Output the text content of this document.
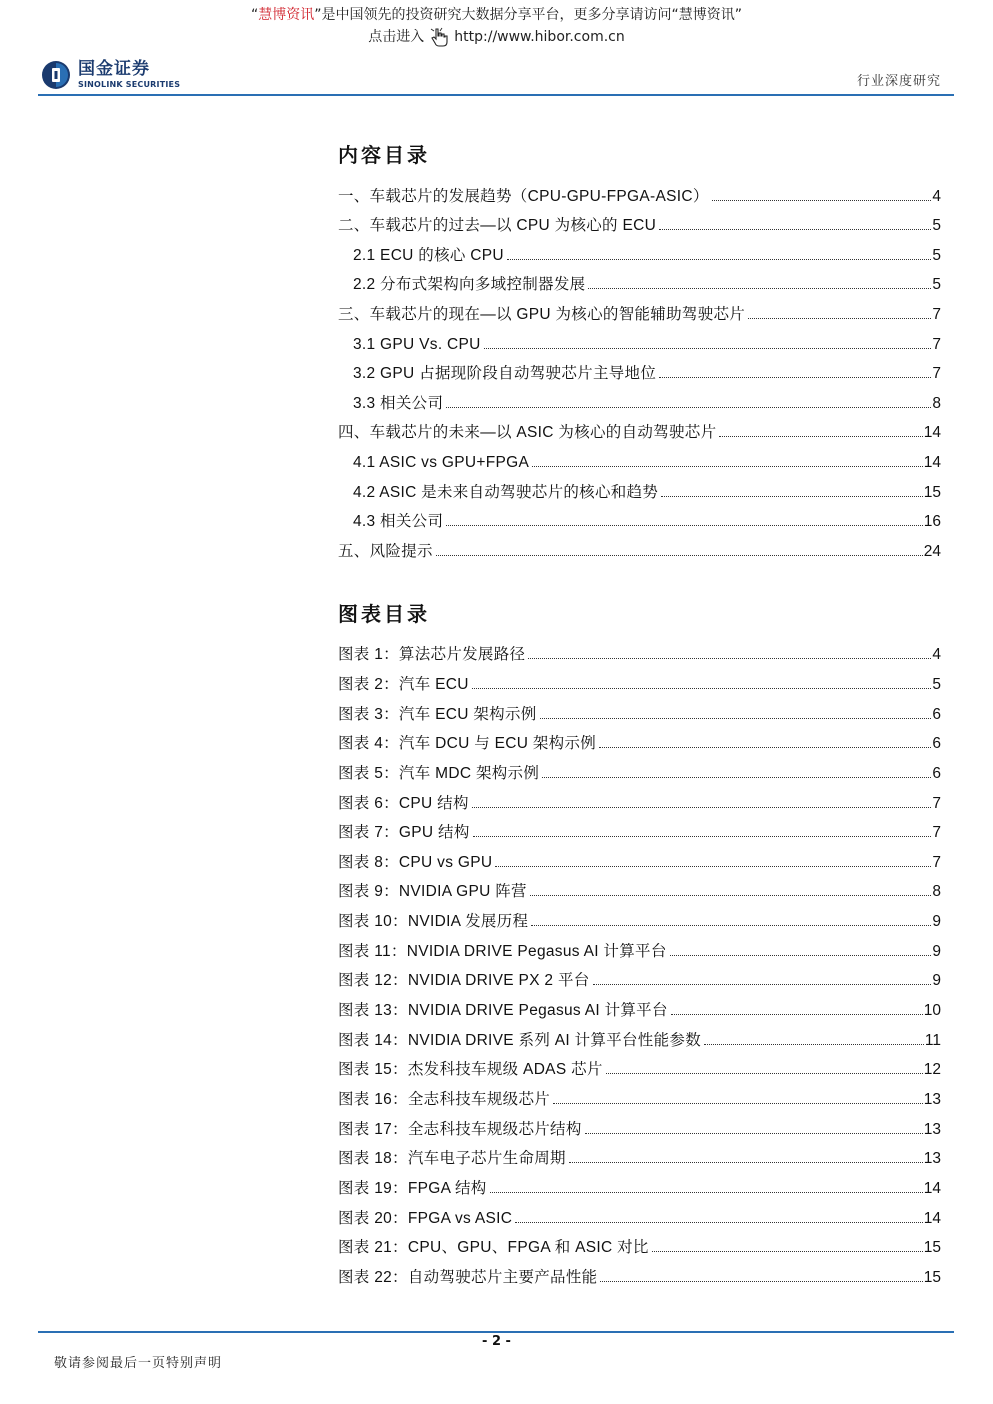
“慧博资讯”是中国领先的投资研究大数据分享平台，更多分享请访问“慧博资讯”
点击进入 http://www.hibor.com.cn
国金证券
SINOLINK SECURITIES	行业深度研究
内容目录
一、车载芯片的发展趋势（CPU-GPU-FPGA-ASIC）	4
二、车载芯片的过去—以 CPU 为核心的 ECU	5
2.1 ECU 的核心 CPU	5
2.2 分布式架构向多域控制器发展	5
三、车载芯片的现在—以 GPU 为核心的智能辅助驾驶芯片	7
3.1 GPU Vs. CPU	7
3.2 GPU 占据现阶段自动驾驶芯片主导地位	7
3.3 相关公司	8
四、车载芯片的未来—以 ASIC 为核心的自动驾驶芯片	14
4.1 ASIC vs GPU+FPGA	14
4.2 ASIC 是未来自动驾驶芯片的核心和趋势	15
4.3 相关公司	16
五、风险提示	24
图表目录
图表 1：算法芯片发展路径	4
图表 2：汽车 ECU	5
图表 3：汽车 ECU 架构示例	6
图表 4：汽车 DCU 与 ECU 架构示例	6
图表 5：汽车 MDC 架构示例	6
图表 6：CPU 结构	7
图表 7：GPU 结构	7
图表 8：CPU vs GPU	7
图表 9：NVIDIA GPU 阵营	8
图表 10：NVIDIA 发展历程	9
图表 11：NVIDIA DRIVE Pegasus AI 计算平台	9
图表 12：NVIDIA DRIVE PX 2 平台	9
图表 13：NVIDIA DRIVE Pegasus AI 计算平台	10
图表 14：NVIDIA DRIVE 系列 AI 计算平台性能参数	11
图表 15：杰发科技车规级 ADAS 芯片	12
图表 16：全志科技车规级芯片	13
图表 17：全志科技车规级芯片结构	13
图表 18：汽车电子芯片生命周期	13
图表 19：FPGA 结构	14
图表 20：FPGA vs ASIC	14
图表 21：CPU、GPU、FPGA 和 ASIC 对比	15
图表 22：自动驾驶芯片主要产品性能	15
- 2 -
敬请参阅最后一页特别声明
